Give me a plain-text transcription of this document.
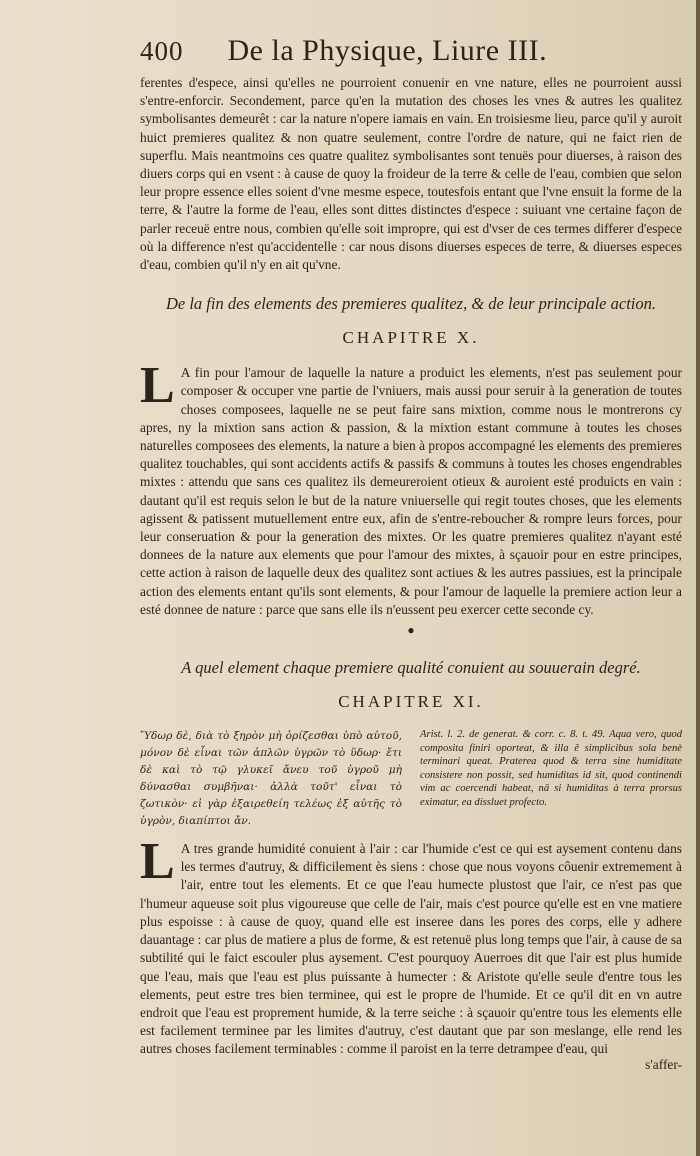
400 De la Physique, Liure III.

ferentes d'espece, ainsi qu'elles ne pourroient conuenir en vne nature, elles ne pourroient aussi s'entre-enforcir. Secondement, parce qu'en la mutation des choses les vnes & autres les qualitez symbolisantes demeurêt : car la nature n'opere iamais en vain. En troisiesme lieu, parce qu'il y auroit huict premieres qualitez & non quatre seulement, contre l'ordre de nature, qui ne faict rien de superflu. Mais neantmoins ces quatre qualitez symbolisantes sont tenuës pour diuerses, à raison des diuers corps qui en vsent : à cause de quoy la froideur de la terre & celle de l'eau, combien que selon leur propre essence elles soient d'vne mesme espece, toutesfois entant que l'vne ensuit la forme de la terre, & l'autre la forme de l'eau, elles sont dittes distinctes d'espece : suiuant vne certaine façon de parler receuë entre nous, combien qu'elle soit impropre, qui est d'vser de ces termes differer d'espece où la difference n'est qu'accidentelle : car nous disons diuerses especes de terre, & diuerses especes d'eau, combien qu'il n'y en ait qu'vne.

De la fin des elements des premieres qualitez, & de leur principale action.
CHAPITRE X.
L A fin pour l'amour de laquelle la nature a produict les elements, n'est pas seulement pour composer & occuper vne partie de l'vniuers, mais aussi pour seruir à la generation de toutes choses composees, laquelle ne se peut faire sans mixtion, comme nous le montrerons cy apres, ny la mixtion sans action & passion, & la mixtion estant commune à toutes les choses naturelles composees des elements, la nature a bien à propos accompagné les elements des premieres qualitez touchables, qui sont accidents actifs & passifs & communs à toutes les choses engendrables mixtes : attendu que sans ces qualitez ils demeureroient otieux & auroient esté produicts en vain : dautant qu'il est requis selon le but de la nature vniuerselle qui regit toutes choses, que les elements agissent & patissent mutuellement entre eux, afin de s'entre-reboucher & rompre leurs forces, pour leur conseruation & pour la generation des mixtes. Or les quatre premieres qualitez n'ayant esté donnees de la nature aux elements que pour l'amour des mixtes, à sçauoir pour en estre principes, cette action à raison de laquelle deux des qualitez sont actiues & les autres passiues, est la principale action des elements entant qu'ils sont elements, & pour l'amour de laquelle la premiere action leur a esté donnee de nature : parce que sans elle ils n'eussent peu exercer cette seconde cy.
●
A quel element chaque premiere qualité conuient au souuerain degré.
CHAPITRE XI.

Ὕδωρ δὲ, διὰ τὸ ξηρὸν μὴ ὁρίζεσθαι ὑπὸ αὑτοῦ, μόνον δὲ εἶναι τῶν ἀπλῶν ὑγρῶν τὸ ὕδωρ· ἔτι δὲ καὶ τὸ τῷ γλυκεῖ ἄνευ τοῦ ὑγροῦ μὴ δύνασθαι συμβῆναι· ἀλλὰ τοῦτ' εἶναι τὸ ζωτικὸν· εἰ γὰρ ἐξαιρεθείη τελέως ἐξ αὐτῆς τὸ ὑγρὸν, διαπίπτοι ἄν.

Arist. l. 2. de generat. & corr. c. 8. t. 49. Aqua vero, quod composita finiri oporteat, & illa ē simplicibus sola benè terminari queat. Praterea quod & terra sine humiditate consistere non possit, sed humiditas id sit, quod continendi vim ac coercendi habeat, nā si humiditas à terra prorsus eximatur, ea dissluet profecto.

L A tres grande humidité conuient à l'air : car l'humide c'est ce qui est aysement contenu dans les termes d'autruy, & difficilement ès siens : chose que nous voyons côuenir extremement à l'air, entre tout les elements. Et ce que l'eau humecte plustost que l'air, ce n'est pas que l'humeur aqueuse soit plus vigoureuse que celle de l'air, mais c'est pource qu'elle est en vne matiere plus espoisse : à cause de quoy, quand elle est inseree dans les pores des corps, elle y adhere dauantage : car plus de matiere a plus de forme, & est retenuë plus long temps que l'air, à cause de sa subtilité qui le faict escouler plus aysement. C'est pourquoy Auerroes dit que l'air est plus humide que l'eau, mais que l'eau est plus puissante à humecter : & Aristote qu'elle seule d'entre tous les elements, peut estre tres bien terminee, qui est le propre de l'humide. Et ce qu'il dit en vn autre endroit que l'eau est proprement humide, & la terre seiche : à sçauoir qu'entre tous les elements elle est facilement terminee par les limites d'autruy, c'est dautant que par son meslange, elle rend les autres choses facilement terminables : comme il paroist en la terre detrampee d'eau, qui
s'affer-
